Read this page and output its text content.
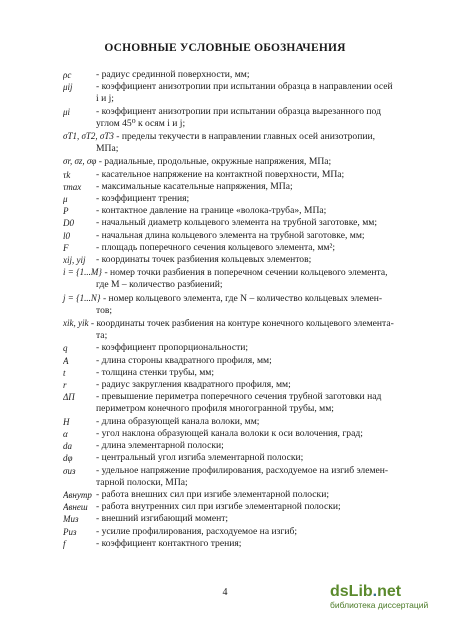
ОСНОВНЫЕ УСЛОВНЫЕ ОБОЗНАЧЕНИЯ
ρc	- радиус срединной поверхности, мм;
μij	- коэффициент анизотропии при испытании образца в направлении осей
i и j;
μi	- коэффициент анизотропии при испытании образца вырезанного под
углом 45⁰ к осям i и j;
σT1, σT2, σT3 - пределы текучести в направлении главных осей анизотропии,
МПа;
σr, σz, σφ - радиальные, продольные, окружные напряжения, МПа;
τk	- касательное напряжение на контактной поверхности, МПа;
τmax	- максимальные касательные напряжения, МПа;
μ	- коэффициент трения;
P	- контактное давление на границе «волока-труба», МПа;
D0	- начальный диаметр кольцевого элемента на трубной заготовке, мм;
l0	- начальная длина кольцевого элемента на трубной заготовке, мм;
F	- площадь поперечного сечения кольцевого элемента, мм²;
xij, yij	- координаты точек разбиения кольцевых элементов;
i = {1...M} - номер точки разбиения в поперечном сечении кольцевого элемента,
где М – количество разбиений;
j = {1...N} - номер кольцевого элемента, где N – количество кольцевых элемен-
тов;
xik, yik - координаты точек разбиения на контуре конечного кольцевого элемента-
та;
q	- коэффициент пропорциональности;
A	- длина стороны квадратного профиля, мм;
t	- толщина стенки трубы, мм;
r	- радиус закругления квадратного профиля, мм;
ΔП	- превышение периметра поперечного сечения трубной заготовки над
периметром конечного профиля многогранной трубы, мм;
H	- длина образующей канала волоки, мм;
α	- угол наклона образующей канала волоки к оси волочения, град;
da	- длина элементарной полоски;
dφ	- центральный угол изгиба элементарной полоски;
σиз	- удельное напряжение профилирования, расходуемое на изгиб элемен-
тарной полоски, МПа;
Авнутр - работа внешних сил при изгибе элементарной полоски;
Авнеш - работа внутренних сил при изгибе элементарной полоски;
Миз	- внешний изгибающий момент;
Риз	- усилие профилирования, расходуемое на изгиб;
f	- коэффициент контактного трения;
4	dsLib.net
библиотека диссертаций
